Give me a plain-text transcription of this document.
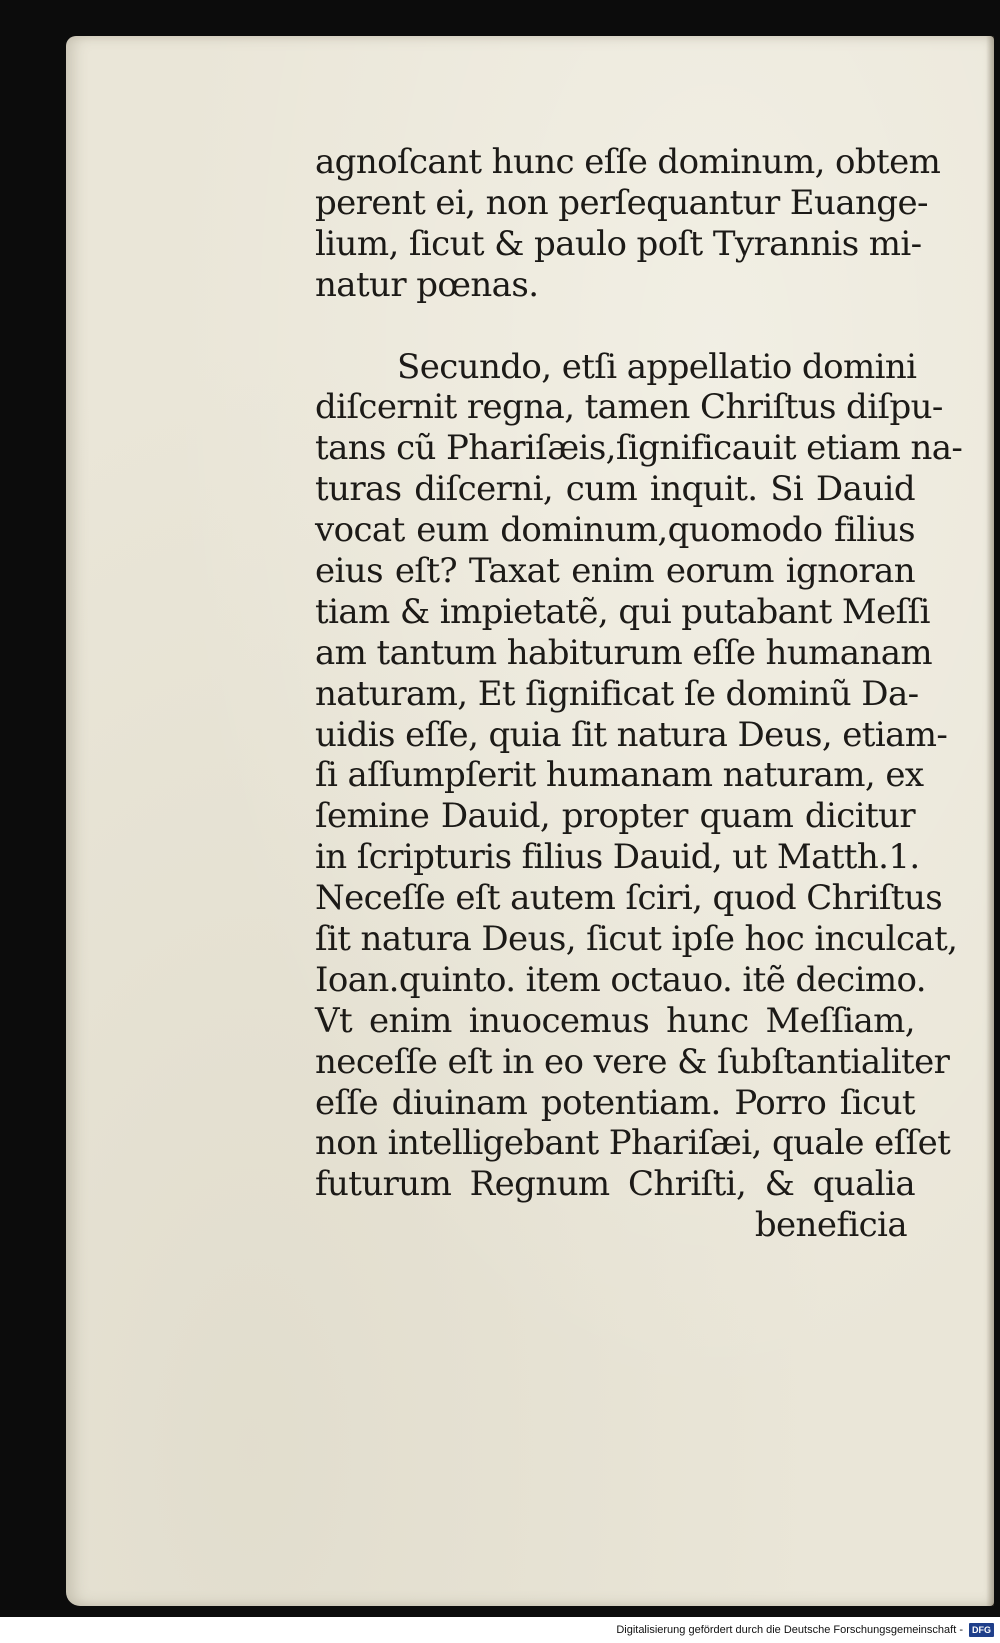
agnoſcant hunc eſſe dominum, obtem
perent ei, non perſequantur Euange-
lium, ſicut & paulo poſt Tyrannis mi-
natur pœnas.
Secundo, etſi appellatio domini
diſcernit regna, tamen Chriſtus diſpu-
tans cũ Phariſæis,ſignificauit etiam na-
turas diſcerni, cum inquit. Si Dauid
vocat eum dominum,quomodo filius
eius eſt? Taxat enim eorum ignoran
tiam & impietatẽ, qui putabant Meſſi
am tantum habiturum eſſe humanam
naturam, Et ſignificat ſe dominũ Da-
uidis eſſe, quia ſit natura Deus, etiam-
ſi aſſumpſerit humanam naturam, ex
ſemine Dauid, propter quam dicitur
in ſcripturis filius Dauid, ut Matth.1.
Neceſſe eſt autem ſciri, quod Chriſtus
ſit natura Deus, ſicut ipſe hoc inculcat,
Ioan.quinto. item octauo. itẽ decimo.
Vt enim inuocemus hunc Meſſiam,
neceſſe eſt in eo vere & ſubſtantialiter
eſſe diuinam potentiam. Porro ſicut
non intelligebant Phariſæi, quale eſſet
futurum Regnum Chriſti, & qualia
beneficia
Digitalisierung gefördert durch die Deutsche Forschungsgemeinschaft -	DFG
